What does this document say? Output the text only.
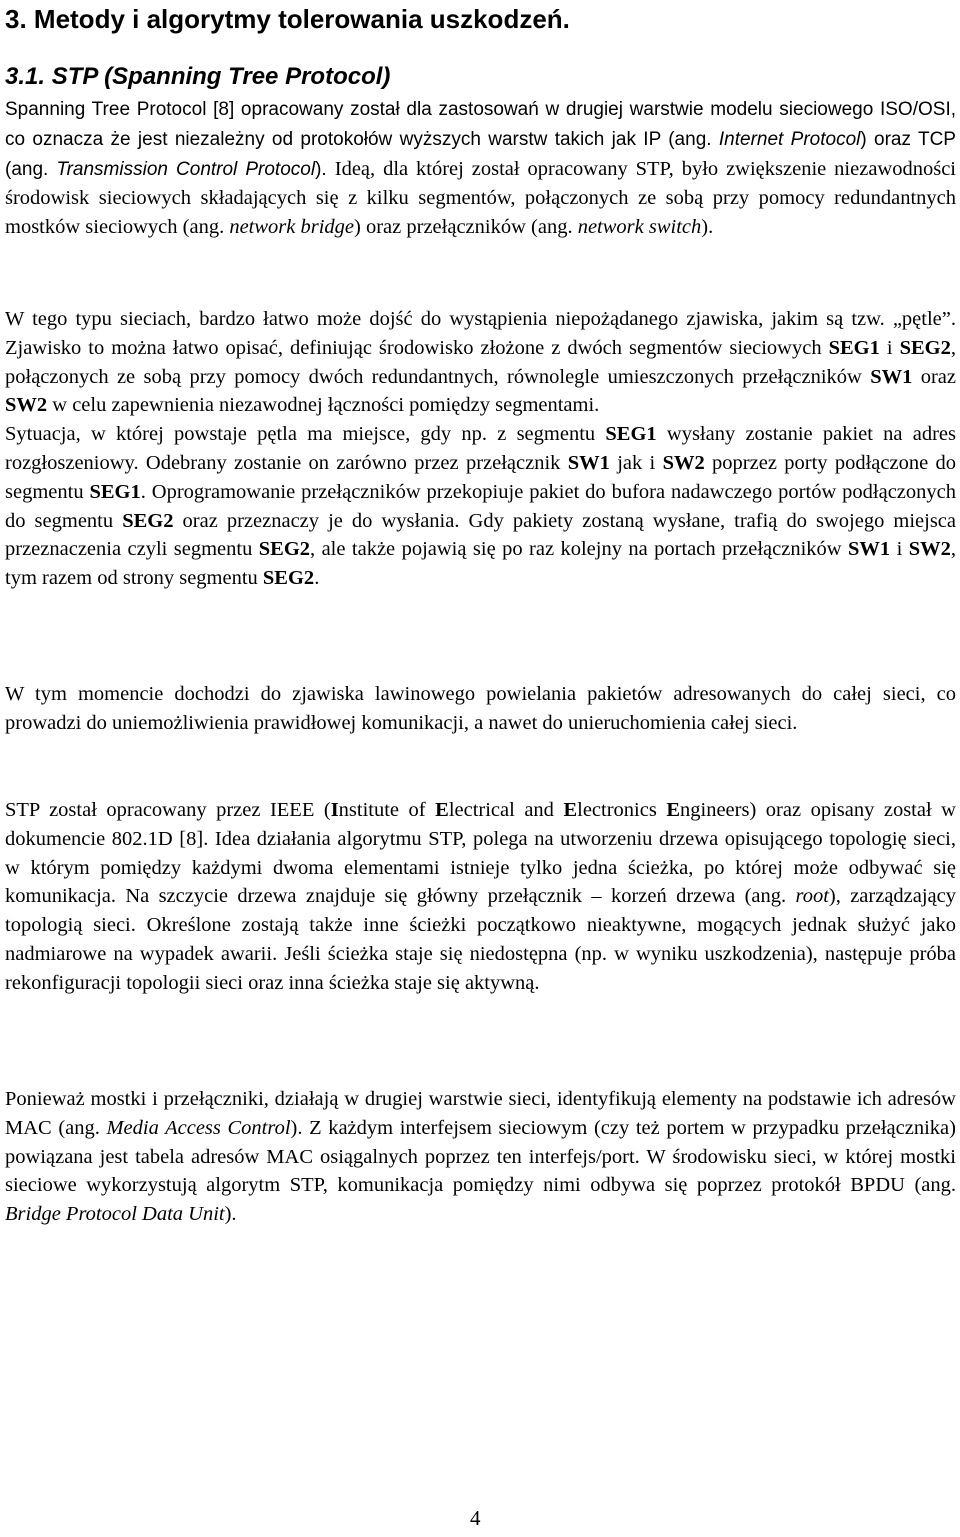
3. Metody i algorytmy tolerowania uszkodzeń.
3.1. STP (Spanning Tree Protocol)

Spanning Tree Protocol [8] opracowany został dla zastosowań w drugiej warstwie modelu sieciowego ISO/OSI, co oznacza że jest niezależny od protokołów wyższych warstw takich jak IP (ang. Internet Protocol) oraz TCP (ang. Transmission Control Protocol). Ideą, dla której został opracowany STP, było zwiększenie niezawodności środowisk sieciowych składających się z kilku segmentów, połączonych ze sobą przy pomocy redundantnych mostków sieciowych (ang. network bridge) oraz przełączników (ang. network switch).

W tego typu sieciach, bardzo łatwo może dojść do wystąpienia niepożądanego zjawiska, jakim są tzw. „pętle”. Zjawisko to można łatwo opisać, definiując środowisko złożone z dwóch segmentów sieciowych SEG1 i SEG2, połączonych ze sobą przy pomocy dwóch redundantnych, równolegle umieszczonych przełączników SW1 oraz SW2 w celu zapewnienia niezawodnej łączności pomiędzy segmentami.
Sytuacja, w której powstaje pętla ma miejsce, gdy np. z segmentu SEG1 wysłany zostanie pakiet na adres rozgłoszeniowy. Odebrany zostanie on zarówno przez przełącznik SW1 jak i SW2 poprzez porty podłączone do segmentu SEG1. Oprogramowanie przełączników przekopiuje pakiet do bufora nadawczego portów podłączonych do segmentu SEG2 oraz przeznaczy je do wysłania. Gdy pakiety zostaną wysłane, trafią do swojego miejsca przeznaczenia czyli segmentu SEG2, ale także pojawią się po raz kolejny na portach przełączników SW1 i SW2, tym razem od strony segmentu SEG2.

W tym momencie dochodzi do zjawiska lawinowego powielania pakietów adresowanych do całej sieci, co prowadzi do uniemożliwienia prawidłowej komunikacji, a nawet do unieruchomienia całej sieci.

STP został opracowany przez IEEE (Institute of Electrical and Electronics Engineers) oraz opisany został w dokumencie 802.1D [8]. Idea działania algorytmu STP, polega na utworzeniu drzewa opisującego topologię sieci, w którym pomiędzy każdymi dwoma elementami istnieje tylko jedna ścieżka, po której może odbywać się komunikacja. Na szczycie drzewa znajduje się główny przełącznik – korzeń drzewa (ang. root), zarządzający topologią sieci. Określone zostają także inne ścieżki początkowo nieaktywne, mogących jednak służyć jako nadmiarowe na wypadek awarii. Jeśli ścieżka staje się niedostępna (np. w wyniku uszkodzenia), następuje próba rekonfiguracji topologii sieci oraz inna ścieżka staje się aktywną.

Ponieważ mostki i przełączniki, działają w drugiej warstwie sieci, identyfikują elementy na podstawie ich adresów MAC (ang. Media Access Control). Z każdym interfejsem sieciowym (czy też portem w przypadku przełącznika) powiązana jest tabela adresów MAC osiągalnych poprzez ten interfejs/port. W środowisku sieci, w której mostki sieciowe wykorzystują algorytm STP, komunikacja pomiędzy nimi odbywa się poprzez protokół BPDU (ang. Bridge Protocol Data Unit).

4
